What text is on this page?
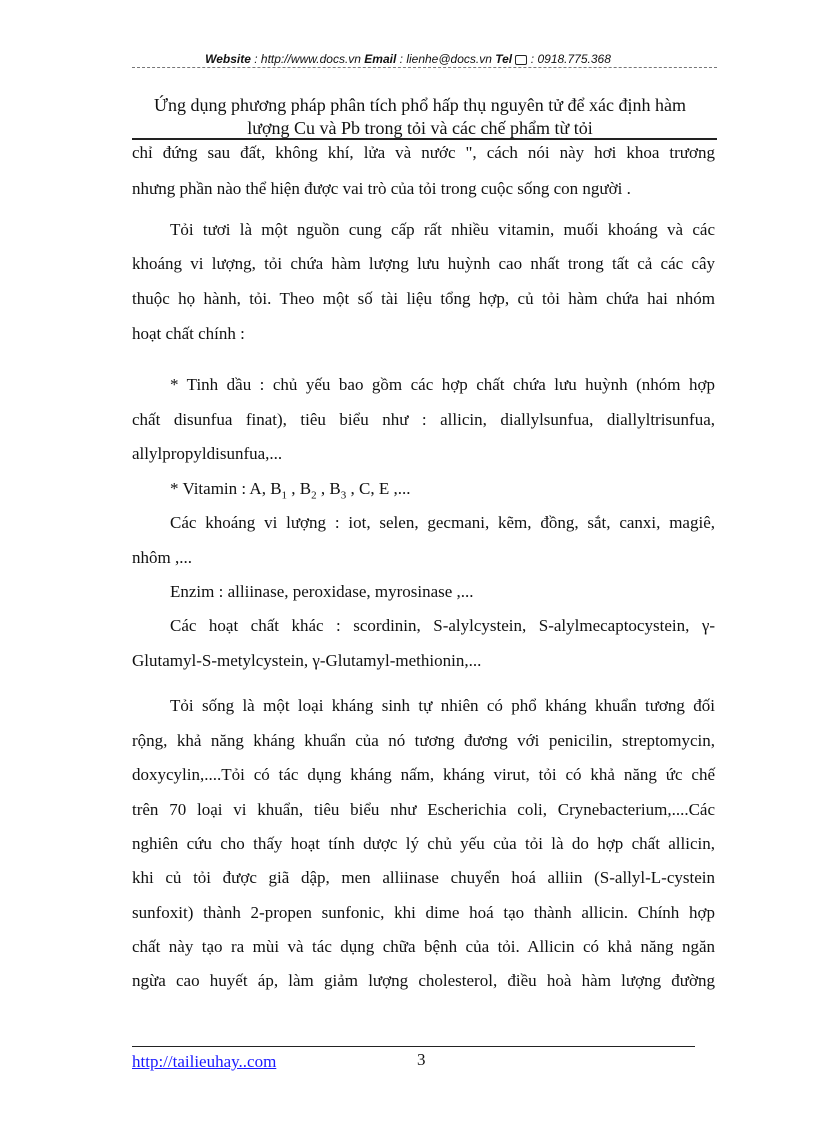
Website : http://www.docs.vn Email : lienhe@docs.vn Tel  : 0918.775.368
Ứng dụng phương pháp phân tích phổ hấp thụ nguyên tử để xác định hàm
lượng Cu và Pb trong tỏi và các chế phẩm từ tỏi
chỉ đứng sau đất, không khí, lửa và nước ", cách nói này hơi khoa trương
nhưng phần nào thể hiện được vai trò của tỏi trong cuộc sống con người .
Tỏi tươi là một nguồn cung cấp rất nhiều vitamin, muối khoáng và các
khoáng vi lượng, tỏi chứa hàm lượng lưu huỳnh cao nhất trong tất cả các cây
thuộc họ hành, tỏi. Theo một số tài liệu tổng hợp, củ tỏi hàm chứa hai nhóm
hoạt chất chính :
* Tinh dầu : chủ yếu bao gồm các hợp chất chứa lưu huỳnh (nhóm hợp
chất disunfua finat), tiêu biểu như : allicin, diallylsunfua, diallyltrisunfua,
allylpropyldisunfua,...
* Vitamin : A, $B_1$ , $B_2$ , $B_3$ , C, E ,...
Các khoáng vi lượng : iot, selen, gecmani, kẽm, đồng, sắt, canxi, magiê,
nhôm ,...
Enzim : alliinase, peroxidase, myrosinase ,...
Các hoạt chất khác : scordinin, S-alylcystein, S-alylmecaptocystein, γ-
Glutamyl-S-metylcystein, γ-Glutamyl-methionin,...
Tỏi sống là một loại kháng sinh tự nhiên có phổ kháng khuẩn tương đối
rộng, khả năng kháng khuẩn của nó tương đương với penicilin, streptomycin,
doxycylin,....Tỏi có tác dụng kháng nấm, kháng virut, tỏi có khả năng ức chế
trên 70 loại vi khuẩn, tiêu biểu như Escherichia coli, Crynebacterium,....Các
nghiên cứu cho thấy hoạt tính dược lý chủ yếu của tỏi là do hợp chất allicin,
khi củ tỏi được giã dập, men alliinase chuyển hoá alliin (S-allyl-L-cystein
sunfoxit) thành 2-propen sunfonic, khi dime hoá tạo thành allicin. Chính hợp
chất này tạo ra mùi và tác dụng chữa bệnh của tỏi. Allicin có khả năng ngăn
ngừa cao huyết áp, làm giảm lượng cholesterol, điều hoà hàm lượng đường
http://tailieuhay..com	3
